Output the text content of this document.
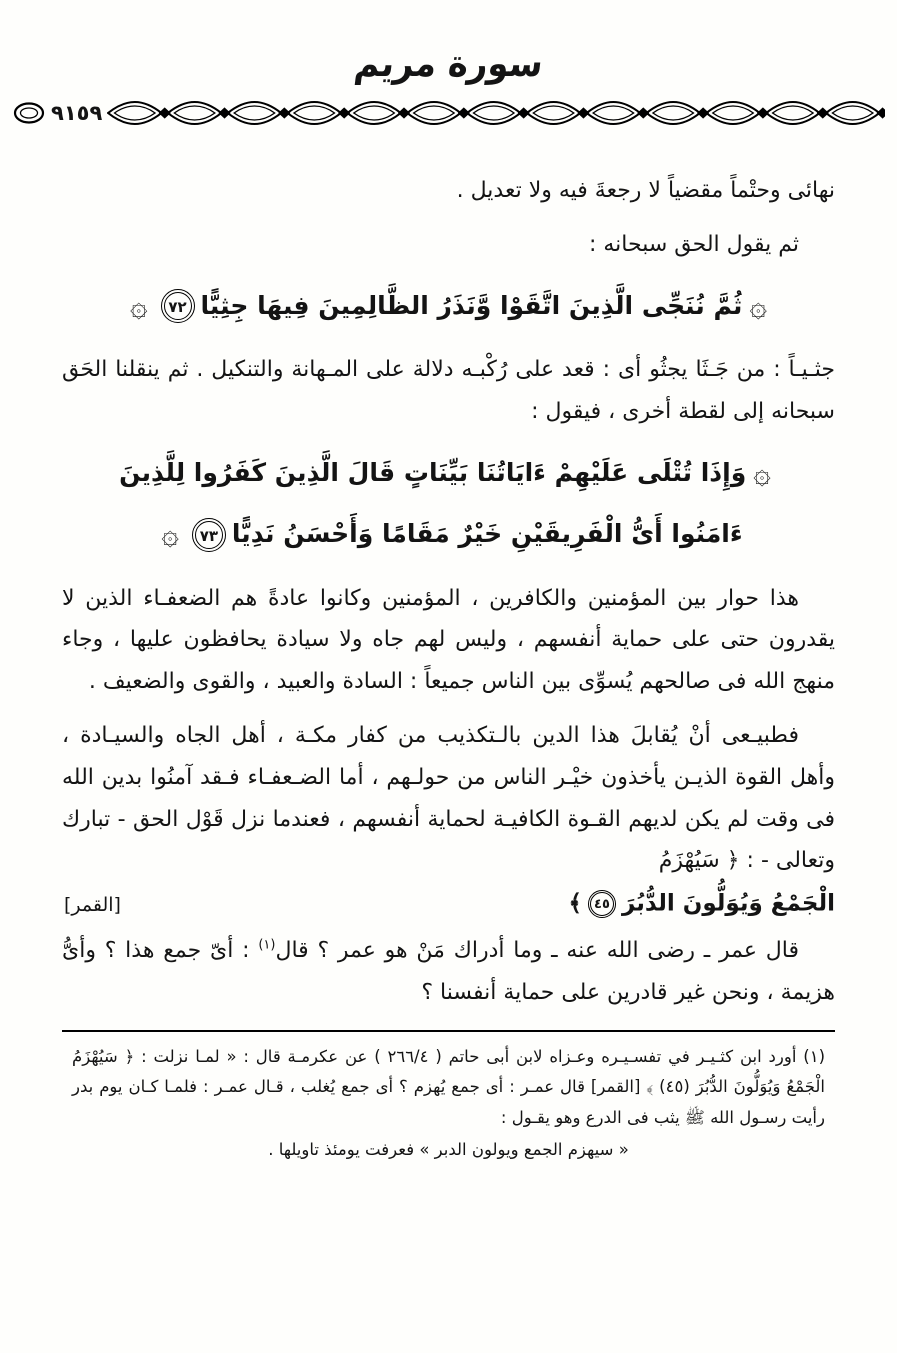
سورة مريم
٩١٥٩

نهائى وحتْماً مقضياً لا رجعةَ فيه ولا تعديل .

ثم يقول الحق سبحانه :

۞ثُمَّ نُنَجِّى الَّذِينَ اتَّقَوْا وَّنَذَرُ الظَّالِمِينَ فِيهَا جِثِيًّا٧٢۞

جثـيـاً : من جَـثَا يجثُو أى : قعد على رُكْبـه دلالة على المـهانة والتنكيل . ثم ينقلنا الحَق سبحانه إلى لقطة أخرى ، فيقول :

۞وَإِذَا تُتْلَى عَلَيْهِمْ ءَايَاتُنَا بَيِّنَاتٍ قَالَ الَّذِينَ كَفَرُوا لِلَّذِينَ
ءَامَنُوا أَىُّ الْفَرِيقَيْنِ خَيْرٌ مَقَامًا وَأَحْسَنُ نَدِيًّا٧٣۞

هذا حوار بين المؤمنين والكافرين ، المؤمنين وكانوا عادةً هم الضعفـاء الذين لا يقدرون حتى على حماية أنفسهم ، وليس لهم جاه ولا سيادة يحافظون عليها ، وجاء منهج الله فى صالحهم يُسوِّى بين الناس جميعاً : السادة والعبيد ، والقوى والضعيف .

فطبيـعى أنْ يُقابلَ هذا الدين بالـتكذيب من كفار مكـة ، أهل الجاه والسيـادة ، وأهل القوة الذيـن يأخذون خيْـر الناس من حولـهم ، أما الضـعفـاء فـقد آمنُوا بدين الله فى وقت لم يكن لديهم القـوة الكافيـة لحماية أنفسهم ، فعندما نزل قَوْل الحق - تبارك وتعالى - : ﴿ سَيُهْزَمُ

الْجَمْعُ وَيُوَلُّونَ الدُّبُرَ٤٥﴾
[القمر]

قال عمر ـ رضى الله عنه ـ وما أدراك مَنْ هو عمر ؟ قال$^{(١)}$ : أىّ جمع هذا ؟ وأىُّ هزيمة ، ونحن غير قادرين على حماية أنفسنا ؟

(١) أورد ابن كثـيـر في تفسـيـره وعـزاه لابن أبى حاتم ( ٢٦٦/٤ ) عن عكرمـة قال : « لمـا نزلت : ﴿ سَيُهْزَمُ الْجَمْعُ وَيُوَلُّونَ الدُّبُرَ (٤٥) ﴾ [القمر] قال عمـر : أى جمع يُهزم ؟ أى جمع يُغلب ، قـال عمـر : فلمـا كـان يوم بدر رأيت رسـول الله ﷺ يثب فى الدرع وهو يقـول :

« سيهزم الجمع ويولون الدبر » فعرفت يومئذ تاويلها .
